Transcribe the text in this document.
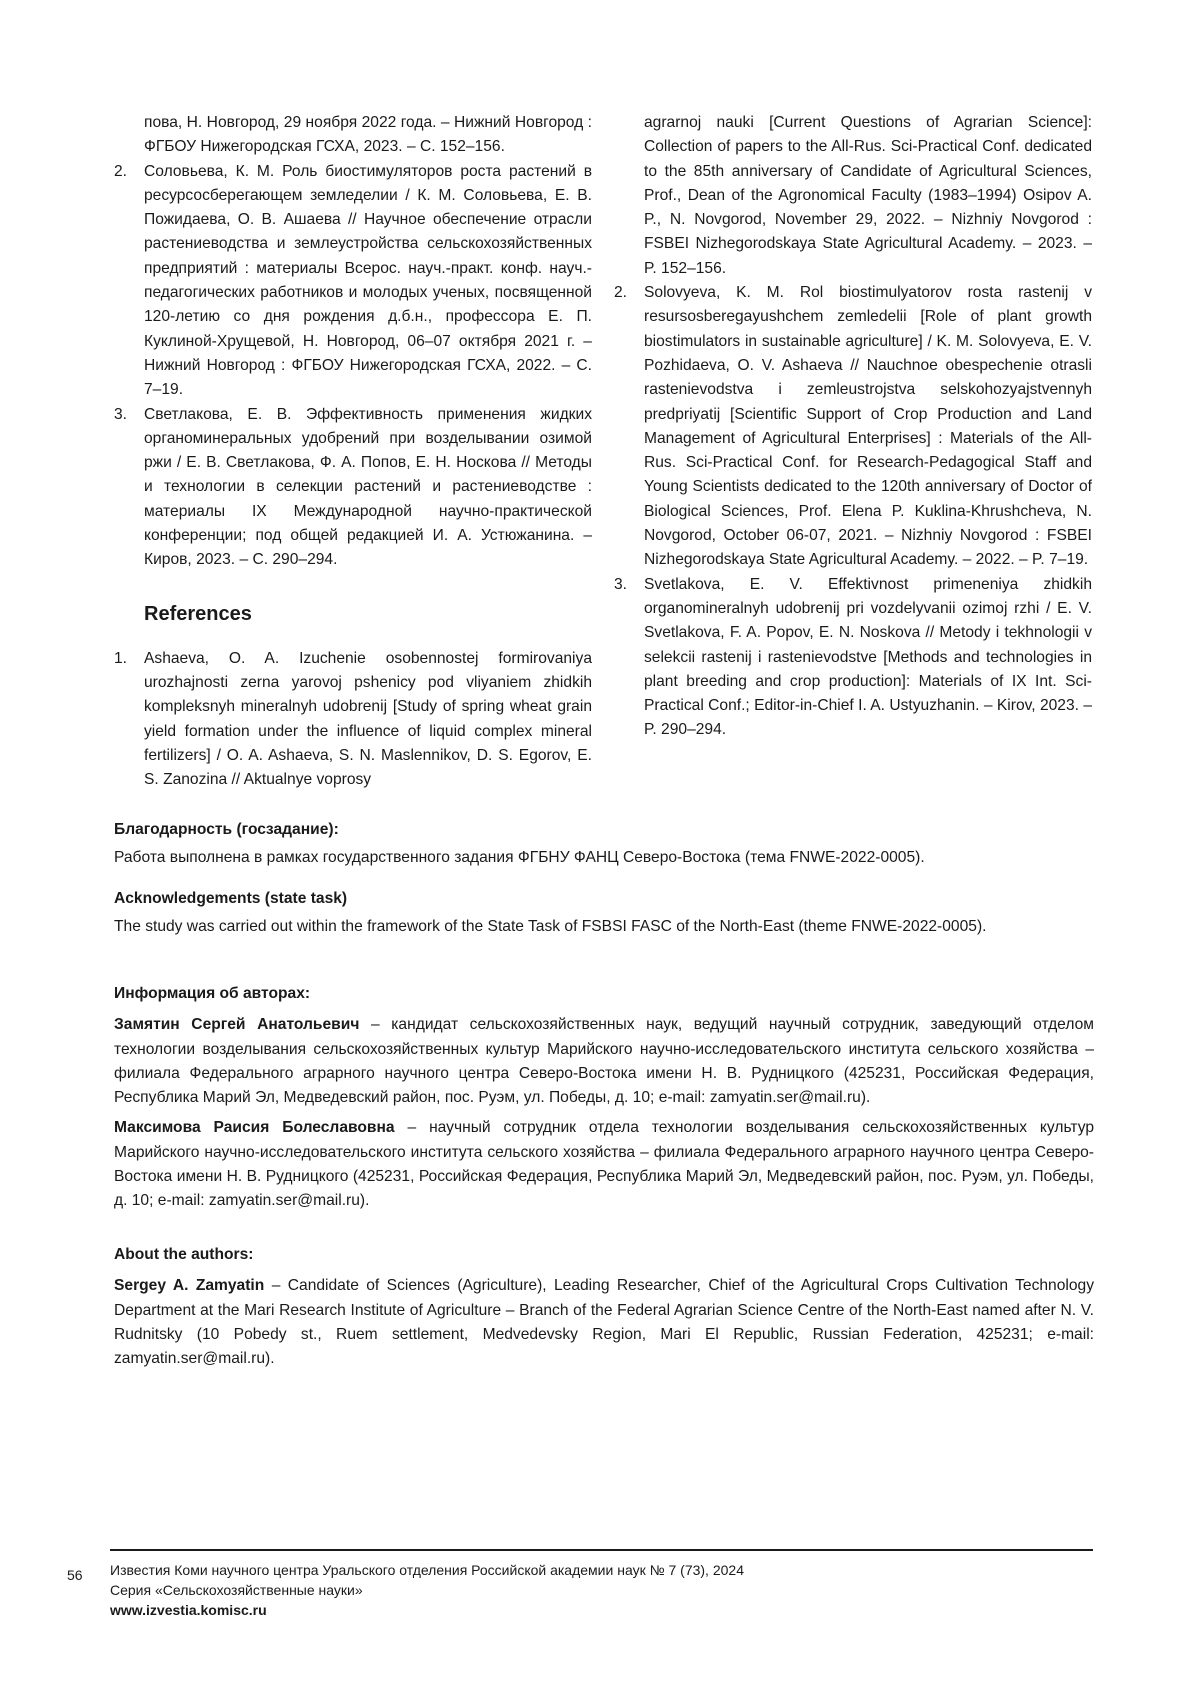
пова, Н. Новгород, 29 ноября 2022 года. – Нижний Новгород : ФГБОУ Нижегородская ГСХА, 2023. – С. 152–156.
2. Соловьева, К. М. Роль биостимуляторов роста растений в ресурсосберегающем земледелии / К. М. Соловьева, Е. В. Пожидаева, О. В. Ашаева // Научное обеспечение отрасли растениеводства и землеустройства сельскохозяйственных предприятий : материалы Всерос. науч.-практ. конф. науч.-педагогических работников и молодых ученых, посвященной 120-летию со дня рождения д.б.н., профессора Е. П. Куклиной-Хрущевой, Н. Новгород, 06–07 октября 2021 г. – Нижний Новгород : ФГБОУ Нижегородская ГСХА, 2022. – С. 7–19.
3. Светлакова, Е. В. Эффективность применения жидких органоминеральных удобрений при возделывании озимой ржи / Е. В. Светлакова, Ф. А. Попов, Е. Н. Носкова // Методы и технологии в селекции растений и растениеводстве : материалы IX Международной научно-практической конференции; под общей редакцией И. А. Устюжанина. – Киров, 2023. – С. 290–294.
References
1. Ashaeva, O. A. Izuchenie osobennostej formirovaniya urozhajnosti zerna yarovoj pshenicy pod vliyaniem zhidkih kompleksnyh mineralnyh udobrenij [Study of spring wheat grain yield formation under the influence of liquid complex mineral fertilizers] / O. A. Ashaeva, S. N. Maslennikov, D. S. Egorov, E. S. Zanozina // Aktualnye voprosy
agrarnoj nauki [Current Questions of Agrarian Science]: Collection of papers to the All-Rus. Sci-Practical Conf. dedicated to the 85th anniversary of Candidate of Agricultural Sciences, Prof., Dean of the Agronomical Faculty (1983–1994) Osipov A. P., N. Novgorod, November 29, 2022. – Nizhniy Novgorod : FSBEI Nizhegorodskaya State Agricultural Academy. – 2023. – P. 152–156.
2. Solovyeva, K. M. Rol biostimulyatorov rosta rastenij v resursosberegayushchem zemledelii [Role of plant growth biostimulators in sustainable agriculture] / K. M. Solovyeva, E. V. Pozhidaeva, O. V. Ashaeva // Nauchnoe obespechenie otrasli rastenievodstva i zemleustrojstva selskohozyajstvennyh predpriyatij [Scientific Support of Crop Production and Land Management of Agricultural Enterprises] : Materials of the All-Rus. Sci-Practical Conf. for Research-Pedagogical Staff and Young Scientists dedicated to the 120th anniversary of Doctor of Biological Sciences, Prof. Elena P. Kuklina-Khrushcheva, N. Novgorod, October 06-07, 2021. – Nizhniy Novgorod : FSBEI Nizhegorodskaya State Agricultural Academy. – 2022. – P. 7–19.
3. Svetlakova, E. V. Effektivnost primeneniya zhidkih organomineralnyh udobrenij pri vozdelyvanii ozimoj rzhi / E. V. Svetlakova, F. A. Popov, E. N. Noskova // Metody i tekhnologii v selekcii rastenij i rastenievodstve [Methods and technologies in plant breeding and crop production]: Materials of IX Int. Sci-Practical Conf.; Editor-in-Chief I. A. Ustyuzhanin. – Kirov, 2023. – P. 290–294.
Благодарность (госзадание):
Работа выполнена в рамках государственного задания ФГБНУ ФАНЦ Северо-Востока (тема FNWE-2022-0005).
Acknowledgements (state task)
The study was carried out within the framework of the State Task of FSBSI FASC of the North-East (theme FNWE-2022-0005).
Информация об авторах:
Замятин Сергей Анатольевич – кандидат сельскохозяйственных наук, ведущий научный сотрудник, заведующий отделом технологии возделывания сельскохозяйственных культур Марийского научно-исследовательского института сельского хозяйства – филиала Федерального аграрного научного центра Северо-Востока имени Н. В. Рудницкого (425231, Российская Федерация, Республика Марий Эл, Медведевский район, пос. Руэм, ул. Победы, д. 10; e-mail: zamyatin.ser@mail.ru).
Максимова Раисия Болеславовна – научный сотрудник отдела технологии возделывания сельскохозяйственных культур Марийского научно-исследовательского института сельского хозяйства – филиала Федерального аграрного научного центра Северо-Востока имени Н. В. Рудницкого (425231, Российская Федерация, Республика Марий Эл, Медведевский район, пос. Руэм, ул. Победы, д. 10; e-mail: zamyatin.ser@mail.ru).
About the authors:
Sergey A. Zamyatin – Candidate of Sciences (Agriculture), Leading Researcher, Chief of the Agricultural Crops Cultivation Technology Department at the Mari Research Institute of Agriculture – Branch of the Federal Agrarian Science Centre of the North-East named after N. V. Rudnitsky (10 Pobedy st., Ruem settlement, Medvedevsky Region, Mari El Republic, Russian Federation, 425231; e-mail: zamyatin.ser@mail.ru).
56 Известия Коми научного центра Уральского отделения Российской академии наук № 7 (73), 2024
Серия «Сельскохозяйственные науки»
www.izvestia.komisc.ru
